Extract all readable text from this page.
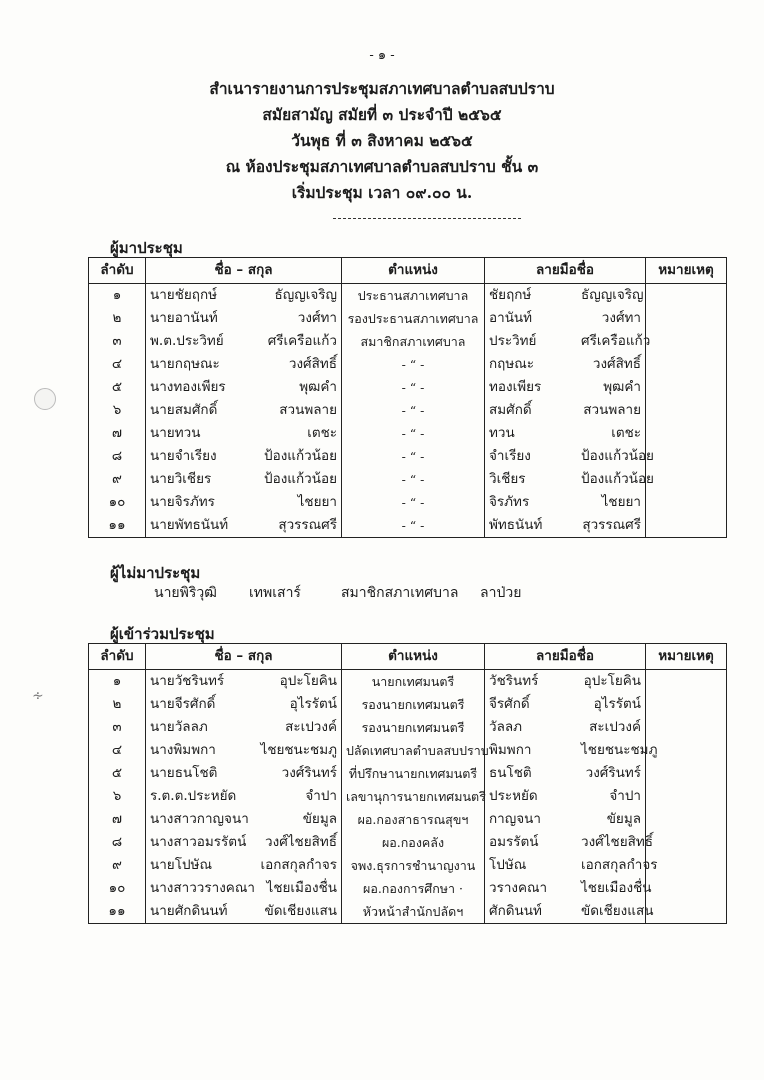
- ๑ -
สำเนารายงานการประชุมสภาเทศบาลตำบลสบปราบ
สมัยสามัญ สมัยที่ ๓ ประจำปี ๒๕๖๕
วันพุธ ที่ ๓ สิงหาคม ๒๕๖๕
ณ ห้องประชุมสภาเทศบาลตำบลสบปราบ ชั้น ๓
เริ่มประชุม เวลา ๐๙.๐๐ น.
∻
ผู้มาประชุม
ลำดับ	ชื่อ – สกุล	ตำแหน่ง	ลายมือชื่อ	หมายเหตุ
๑	นายชัยฤกษ์ ธัญญเจริญ	ประธานสภาเทศบาล	ชัยฤกษ์ ธัญญเจริญ	

๒	นายอานันท์ วงศ์ทา	รองประธานสภาเทศบาล	อานันท์ วงศ์ทา	

๓	พ.ต.ประวิทย์ ศรีเครือแก้ว	สมาชิกสภาเทศบาล	ประวิทย์ ศรีเครือแก้ว	

๔	นายกฤษณะ วงศ์สิทธิ์	- “ -	กฤษณะ วงศ์สิทธิ์	

๕	นางทองเพียร พุฒคำ	- “ -	ทองเพียร พุฒคำ	

๖	นายสมศักดิ์ สวนพลาย	- “ -	สมศักดิ์ สวนพลาย	

๗	นายทวน เตชะ	- “ -	ทวน เตชะ	

๘	นายจำเรียง ป้องแก้วน้อย	- “ -	จำเรียง ป้องแก้วน้อย	

๙	นายวิเชียร ป้องแก้วน้อย	- “ -	วิเชียร ป้องแก้วน้อย	

๑๐	นายจิรภัทร ไชยยา	- “ -	จิรภัทร ไชยยา	

๑๑	นายพัทธนันท์ สุวรรณศรี	- “ -	พัทธนันท์ สุวรรณศรี	

ผู้ไม่มาประชุม
นายพิริวุฒิ เทพเสาร์	สมาชิกสภาเทศบาล ลาป่วย
ผู้เข้าร่วมประชุม
ลำดับ	ชื่อ – สกุล	ตำแหน่ง	ลายมือชื่อ	หมายเหตุ
๑	นายวัชรินทร์ อุปะโยคิน	นายกเทศมนตรี	วัชรินทร์ อุปะโยคิน	

๒	นายจีรศักดิ์ อุไรรัตน์	รองนายกเทศมนตรี	จีรศักดิ์ อุไรรัตน์	

๓	นายวัลลภ สะเปวงค์	รองนายกเทศมนตรี	วัลลภ สะเปวงค์	

๔	นางพิมพกา ไชยชนะชมภู	ปลัดเทศบาลตำบลสบปราบ	พิมพกา ไชยชนะชมภู	

๕	นายธนโชติ วงศ์รินทร์	ที่ปรึกษานายกเทศมนตรี	ธนโชติ วงศ์รินทร์	

๖	ร.ต.ต.ประหยัด จำปา	เลขานุการนายกเทศมนตรี	ประหยัด จำปา	

๗	นางสาวกาญจนา ขัยมูล	ผอ.กองสาธารณสุขฯ	กาญจนา ขัยมูล	

๘	นางสาวอมรรัตน์ วงศ์ไชยสิทธิ์	ผอ.กองคลัง	อมรรัตน์ วงศ์ไชยสิทธิ์	

๙	นายโปษัณ เอกสกุลกำจร	จพง.ธุรการชำนาญงาน	โปษัณ เอกสกุลกำจร	

๑๐	นางสาววรางคณา ไชยเมืองชื่น	ผอ.กองการศึกษา ·	วรางคณา ไชยเมืองชื่น	

๑๑	นายศักดินนท์ ขัดเชียงแสน	หัวหน้าสำนักปลัดฯ	ศักดินนท์ ขัดเชียงแสน	
